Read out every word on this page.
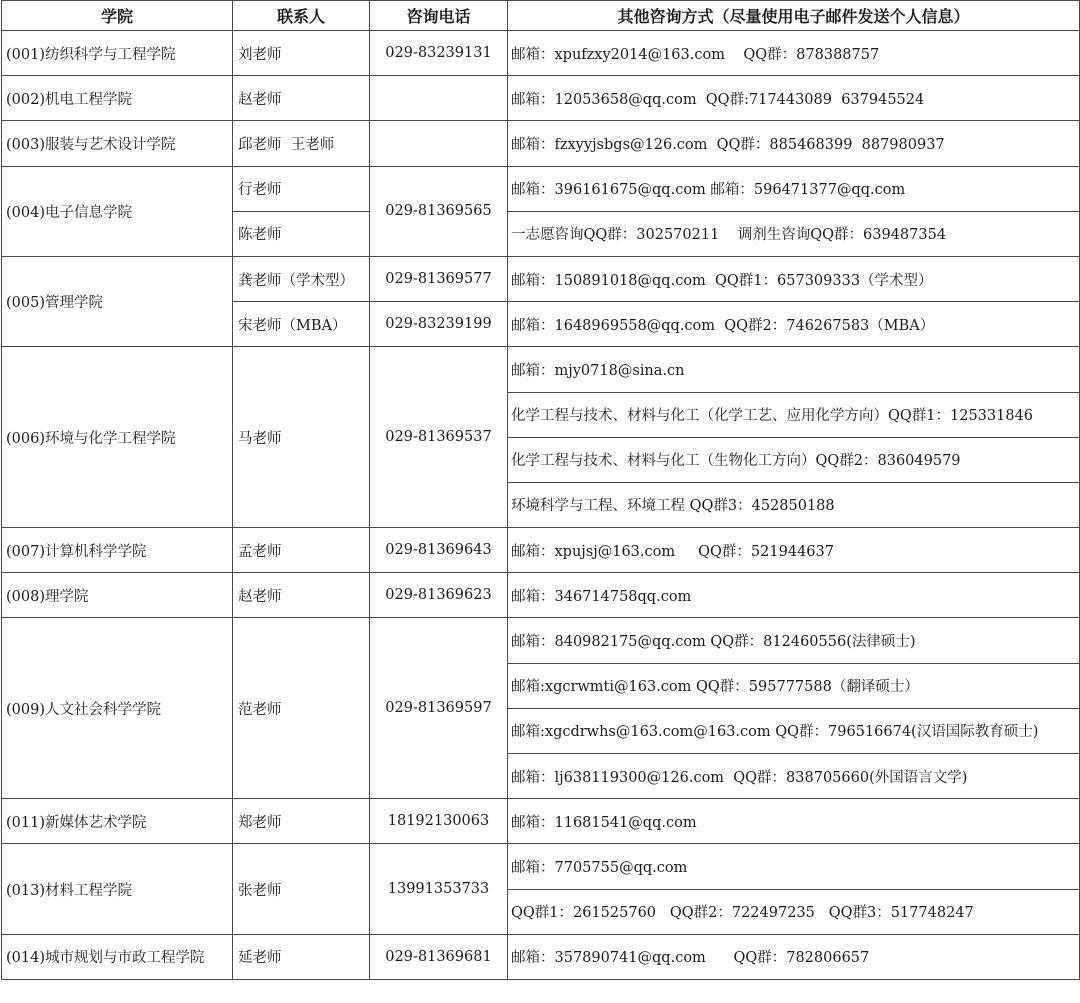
学院	联系人	咨询电话	其他咨询方式（尽量使用电子邮件发送个人信息）
(001)纺织科学与工程学院	刘老师	029-83239131	邮箱：xpufzxy2014@163.com    QQ群：878388757
(002)机电工程学院	赵老师		邮箱：12053658@qq.com  QQ群:717443089  637945524
(003)服装与艺术设计学院	邱老师  王老师		邮箱：fzxyyjsbgs@126.com  QQ群：885468399  887980937
(004)电子信息学院	行老师	029-81369565	邮箱：396161675@qq.com 邮箱：596471377@qq.com
	陈老师		一志愿咨询QQ群：302570211    调剂生咨询QQ群：639487354
(005)管理学院	龚老师（学术型）	029-81369577	邮箱：150891018@qq.com  QQ群1：657309333（学术型）
	宋老师（MBA）	029-83239199	邮箱：1648969558@qq.com  QQ群2：746267583（MBA）
(006)环境与化学工程学院	马老师	029-81369537	邮箱：mjy0718@sina.cn
			化学工程与技术、材料与化工（化学工艺、应用化学方向）QQ群1：125331846
			化学工程与技术、材料与化工（生物化工方向）QQ群2：836049579
			环境科学与工程、环境工程 QQ群3：452850188
(007)计算机科学学院	孟老师	029-81369643	邮箱：xpujsj@163.com     QQ群：521944637
(008)理学院	赵老师	029-81369623	邮箱：346714758qq.com
(009)人文社会科学学院	范老师	029-81369597	邮箱：840982175@qq.com QQ群：812460556(法律硕士)
			邮箱:xgcrwmti@163.com QQ群：595777588（翻译硕士）
			邮箱:xgcdrwhs@163.com@163.com QQ群：796516674(汉语国际教育硕士)
			邮箱：lj638119300@126.com  QQ群：838705660(外国语言文学)
(011)新媒体艺术学院	郑老师	18192130063	邮箱：11681541@qq.com
(013)材料工程学院	张老师	13991353733	邮箱：7705755@qq.com
			QQ群1：261525760   QQ群2：722497235   QQ群3：517748247
(014)城市规划与市政工程学院	延老师	029-81369681	邮箱：357890741@qq.com      QQ群：782806657
